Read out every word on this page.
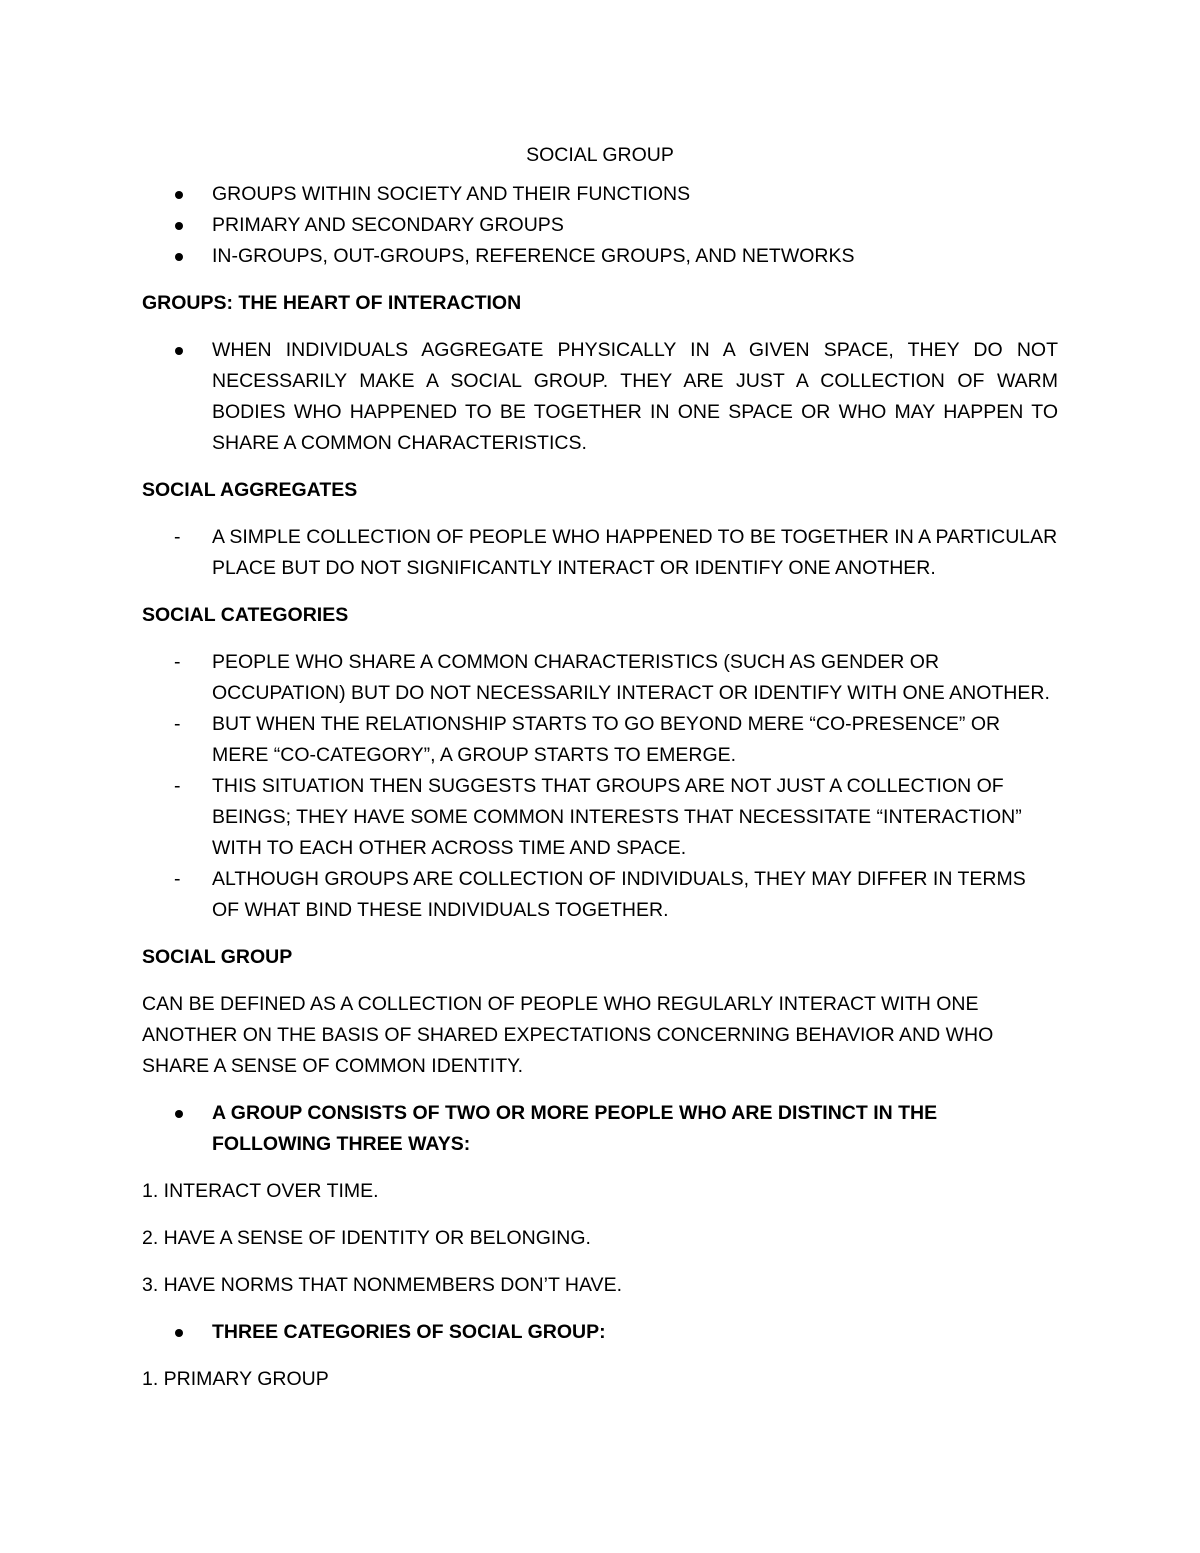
SOCIAL GROUP

GROUPS WITHIN SOCIETY AND THEIR FUNCTIONS
PRIMARY AND SECONDARY GROUPS
IN-GROUPS, OUT-GROUPS, REFERENCE GROUPS, AND NETWORKS

GROUPS: THE HEART OF INTERACTION

WHEN INDIVIDUALS AGGREGATE PHYSICALLY IN A GIVEN SPACE, THEY DO NOT NECESSARILY MAKE A SOCIAL GROUP. THEY ARE JUST A COLLECTION OF WARM BODIES WHO HAPPENED TO BE TOGETHER IN ONE SPACE OR WHO MAY HAPPEN TO SHARE A COMMON CHARACTERISTICS.

SOCIAL AGGREGATES

-	A SIMPLE COLLECTION OF PEOPLE WHO HAPPENED TO BE TOGETHER IN A PARTICULAR PLACE BUT DO NOT SIGNIFICANTLY INTERACT OR IDENTIFY ONE ANOTHER.

SOCIAL CATEGORIES

-	PEOPLE WHO SHARE A COMMON CHARACTERISTICS (SUCH AS GENDER OR OCCUPATION) BUT DO NOT NECESSARILY INTERACT OR IDENTIFY WITH ONE ANOTHER.
-	BUT WHEN THE RELATIONSHIP STARTS TO GO BEYOND MERE “CO-PRESENCE” OR MERE “CO-CATEGORY”, A GROUP STARTS TO EMERGE.
-	THIS SITUATION THEN SUGGESTS THAT GROUPS ARE NOT JUST A COLLECTION OF BEINGS; THEY HAVE SOME COMMON INTERESTS THAT NECESSITATE “INTERACTION” WITH TO EACH OTHER ACROSS TIME AND SPACE.
-	ALTHOUGH GROUPS ARE COLLECTION OF INDIVIDUALS, THEY MAY DIFFER IN TERMS OF WHAT BIND THESE INDIVIDUALS TOGETHER.

SOCIAL GROUP

CAN BE DEFINED AS A COLLECTION OF PEOPLE WHO REGULARLY INTERACT WITH ONE ANOTHER ON THE BASIS OF SHARED EXPECTATIONS CONCERNING BEHAVIOR AND WHO SHARE A SENSE OF COMMON IDENTITY.

A GROUP CONSISTS OF TWO OR MORE PEOPLE WHO ARE DISTINCT IN THE FOLLOWING THREE WAYS:

1. INTERACT OVER TIME.

2. HAVE A SENSE OF IDENTITY OR BELONGING.

3. HAVE NORMS THAT NONMEMBERS DON’T HAVE.

THREE CATEGORIES OF SOCIAL GROUP:

1. PRIMARY GROUP
